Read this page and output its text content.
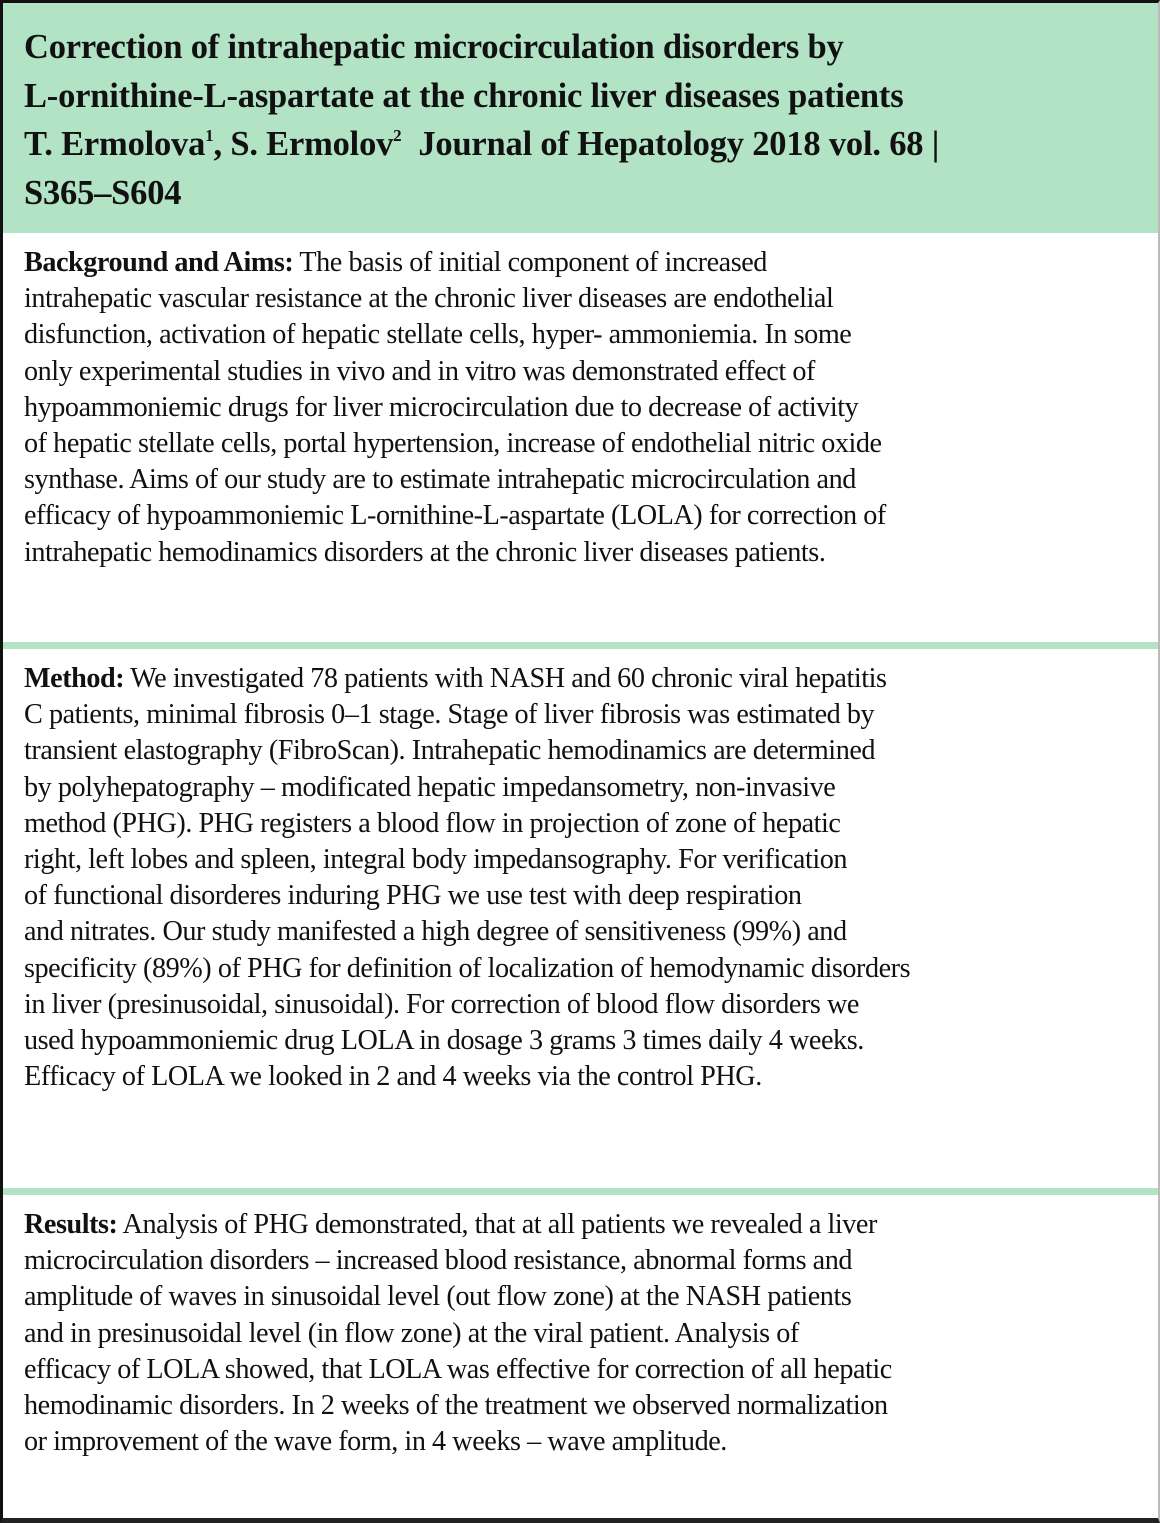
Correction of intrahepatic microcirculation disorders by
L-ornithine-L-aspartate at the chronic liver diseases patients
T. Ermolova$^1$, S. Ermolov$^2$ Journal of Hepatology 2018 vol. 68 |
S365–S604
Background and Aims: The basis of initial component of increased
intrahepatic vascular resistance at the chronic liver diseases are endothelial
disfunction, activation of hepatic stellate cells, hyper- ammoniemia. In some
only experimental studies in vivo and in vitro was demonstrated effect of
hypoammoniemic drugs for liver microcirculation due to decrease of activity
of hepatic stellate cells, portal hypertension, increase of endothelial nitric oxide
synthase. Aims of our study are to estimate intrahepatic microcirculation and
efficacy of hypoammoniemic L-ornithine-L-aspartate (LOLA) for correction of
intrahepatic hemodinamics disorders at the chronic liver diseases patients.
Method: We investigated 78 patients with NASH and 60 chronic viral hepatitis
C patients, minimal fibrosis 0–1 stage. Stage of liver fibrosis was estimated by
transient elastography (FibroScan). Intrahepatic hemodinamics are determined
by polyhepatography – modificated hepatic impedansometry, non-invasive
method (PHG). PHG registers a blood flow in projection of zone of hepatic
right, left lobes and spleen, integral body impedansography. For verification
of functional disorderes induring PHG we use test with deep respiration
and nitrates. Our study manifested a high degree of sensitiveness (99%) and
specificity (89%) of PHG for definition of localization of hemodynamic disorders
in liver (presinusoidal, sinusoidal). For correction of blood flow disorders we
used hypoammoniemic drug LOLA in dosage 3 grams 3 times daily 4 weeks.
Efficacy of LOLA we looked in 2 and 4 weeks via the control PHG.
Results: Analysis of PHG demonstrated, that at all patients we revealed a liver
microcirculation disorders – increased blood resistance, abnormal forms and
amplitude of waves in sinusoidal level (out flow zone) at the NASH patients
and in presinusoidal level (in flow zone) at the viral patient. Analysis of
efficacy of LOLA showed, that LOLA was effective for correction of all hepatic
hemodinamic disorders. In 2 weeks of the treatment we observed normalization
or improvement of the wave form, in 4 weeks – wave amplitude.
